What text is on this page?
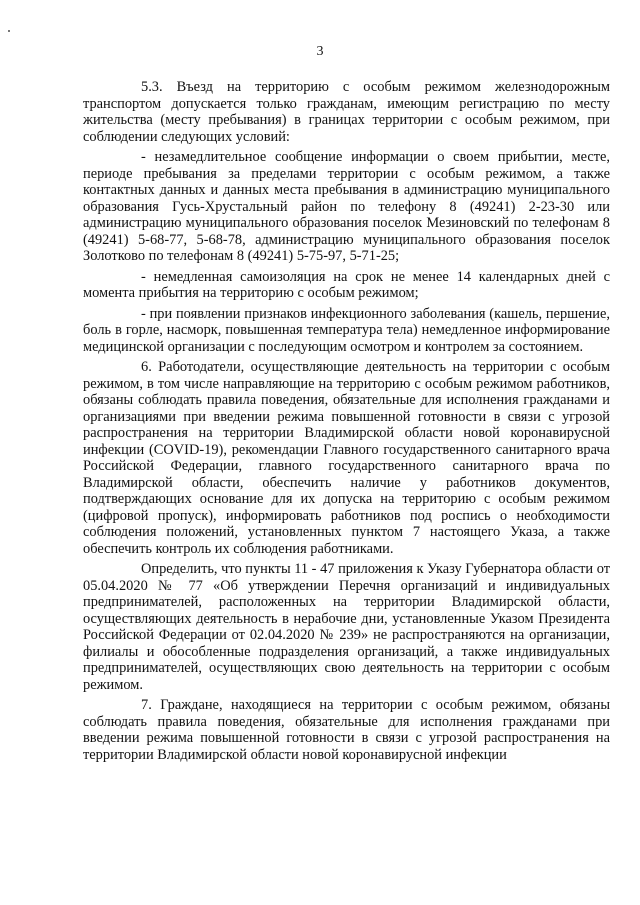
3

5.3. Въезд на территорию с особым режимом железнодорожным транспортом допускается только гражданам, имеющим регистрацию по месту жительства (месту пребывания) в границах территории с особым режимом, при соблюдении следующих условий:

- незамедлительное сообщение информации о своем прибытии, месте, периоде пребывания за пределами территории с особым режимом, а также контактных данных и данных места пребывания в администрацию муниципального образования Гусь-Хрустальный район по телефону 8 (49241) 2-23-30 или администрацию муниципального образования поселок Мезиновский по телефонам 8 (49241) 5-68-77, 5-68-78, администрацию муниципального образования поселок Золотково по телефонам 8 (49241) 5-75-97, 5-71-25;

- немедленная самоизоляция на срок не менее 14 календарных дней с момента прибытия на территорию с особым режимом;

- при появлении признаков инфекционного заболевания (кашель, першение, боль в горле, насморк, повышенная температура тела) немедленное информирование медицинской организации с последующим осмотром и контролем за состоянием.

6. Работодатели, осуществляющие деятельность на территории с особым режимом, в том числе направляющие на территорию с особым режимом работников, обязаны соблюдать правила поведения, обязательные для исполнения гражданами и организациями при введении режима повышенной готовности в связи с угрозой распространения на территории Владимирской области новой коронавирусной инфекции (COVID-19), рекомендации Главного государственного санитарного врача Российской Федерации, главного государственного санитарного врача по Владимирской области, обеспечить наличие у работников документов, подтверждающих основание для их допуска на территорию с особым режимом (цифровой пропуск), информировать работников под роспись о необходимости соблюдения положений, установленных пунктом 7 настоящего Указа, а также обеспечить контроль их соблюдения работниками.

Определить, что пункты 11 - 47 приложения к Указу Губернатора области от 05.04.2020 № 77 «Об утверждении Перечня организаций и индивидуальных предпринимателей, расположенных на территории Владимирской области, осуществляющих деятельность в нерабочие дни, установленные Указом Президента Российской Федерации от 02.04.2020 № 239» не распространяются на организации, филиалы и обособленные подразделения организаций, а также индивидуальных предпринимателей, осуществляющих свою деятельность на территории с особым режимом.

7. Граждане, находящиеся на территории с особым режимом, обязаны соблюдать правила поведения, обязательные для исполнения гражданами при введении режима повышенной готовности в связи с угрозой распространения на территории Владимирской области новой коронавирусной инфекции
